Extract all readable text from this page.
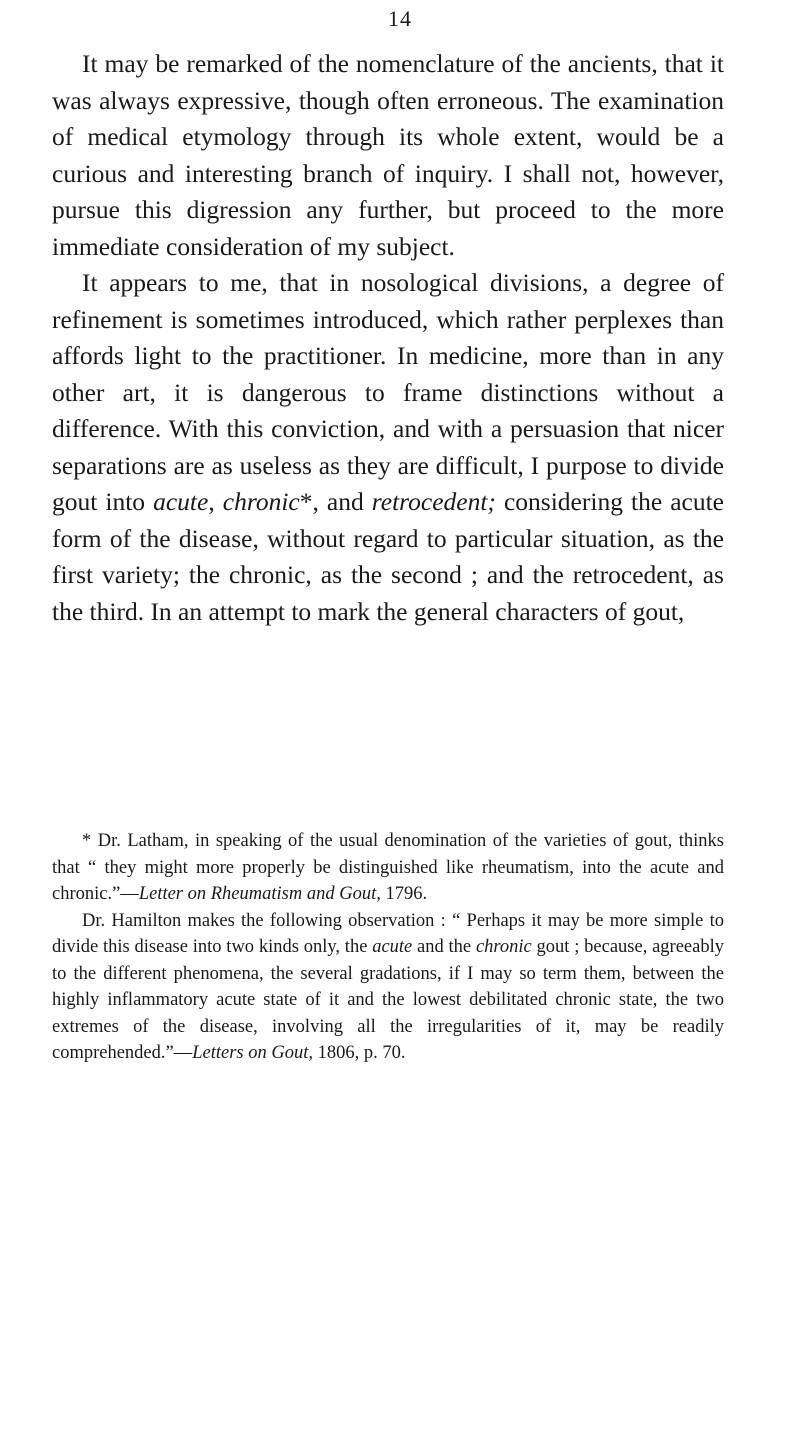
14

It may be remarked of the nomenclature of the ancients, that it was always expressive, though often erroneous. The examination of medical etymology through its whole extent, would be a curious and interesting branch of inquiry. I shall not, however, pursue this digression any further, but proceed to the more immediate consideration of my subject.

It appears to me, that in nosological divisions, a degree of refinement is sometimes introduced, which rather perplexes than affords light to the practitioner. In medicine, more than in any other art, it is dangerous to frame distinctions without a difference. With this conviction, and with a persuasion that nicer separations are as useless as they are difficult, I purpose to divide gout into acute, chronic*, and retrocedent; considering the acute form of the disease, without regard to particular situation, as the first variety; the chronic, as the second ; and the retrocedent, as the third. In an attempt to mark the general characters of gout,

* Dr. Latham, in speaking of the usual denomination of the varieties of gout, thinks that “ they might more properly be distinguished like rheumatism, into the acute and chronic.”—Letter on Rheumatism and Gout, 1796.

Dr. Hamilton makes the following observation : “ Perhaps it may be more simple to divide this disease into two kinds only, the acute and the chronic gout ; because, agreeably to the different phenomena, the several gradations, if I may so term them, between the highly inflammatory acute state of it and the lowest debilitated chronic state, the two extremes of the disease, involving all the irregularities of it, may be readily comprehended.”—Letters on Gout, 1806, p. 70.
